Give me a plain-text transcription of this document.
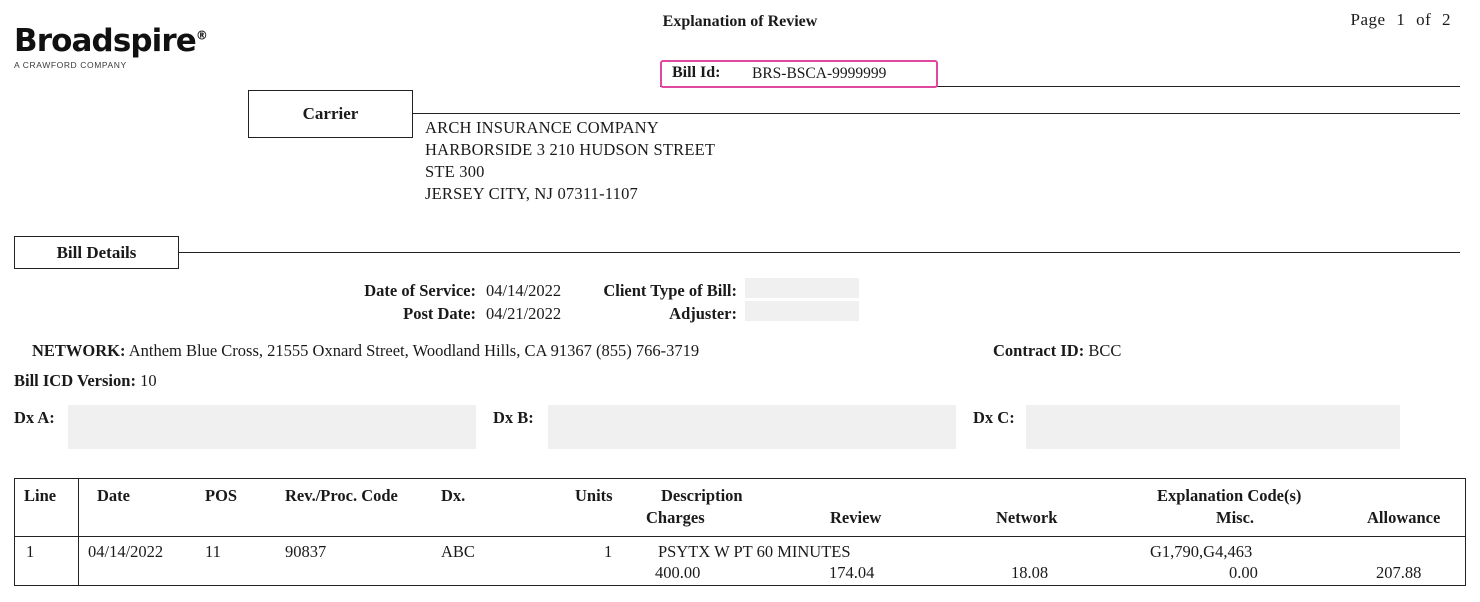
Broadspire®
A CRAWFORD COMPANY
Explanation of Review	Page 1 of 2
Bill Id: BRS-BSCA-9999999
Carrier
ARCH INSURANCE COMPANY
HARBORSIDE 3 210 HUDSON STREET
STE 300
JERSEY CITY, NJ 07311-1107
Bill Details
Date of Service: 04/14/2022
Post Date: 04/21/2022
Client Type of Bill:
Adjuster:
NETWORK: Anthem Blue Cross, 21555 Oxnard Street, Woodland Hills, CA 91367 (855) 766-3719	Contract ID: BCC
Bill ICD Version: 10
Dx A:	Dx B:	Dx C:
Line Date	POS	Rev./Proc. Code	Dx.	Units	Description	Explanation Code(s)
Charges	Review	Network	Misc.	Allowance
1	04/14/2022	11	90837	ABC	1	PSYTX W PT 60 MINUTES	G1,790,G4,463
400.00	174.04	18.08	0.00	207.88
